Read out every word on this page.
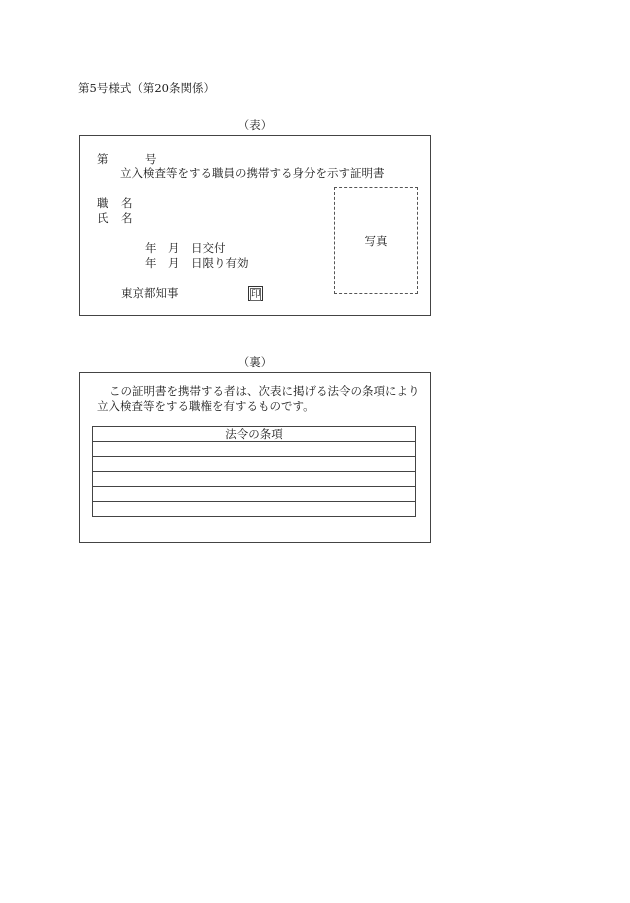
第5号様式（第20条関係）
（表）
第	号
立入検査等をする職員の携帯する身分を示す証明書
職 名
氏 名
年 月 日交付
年 月 日限り有効
東京都知事	印
写真
（裏）
この証明書を携帯する者は、次表に掲げる法令の条項により
立入検査等をする職権を有するものです。
法令の条項
